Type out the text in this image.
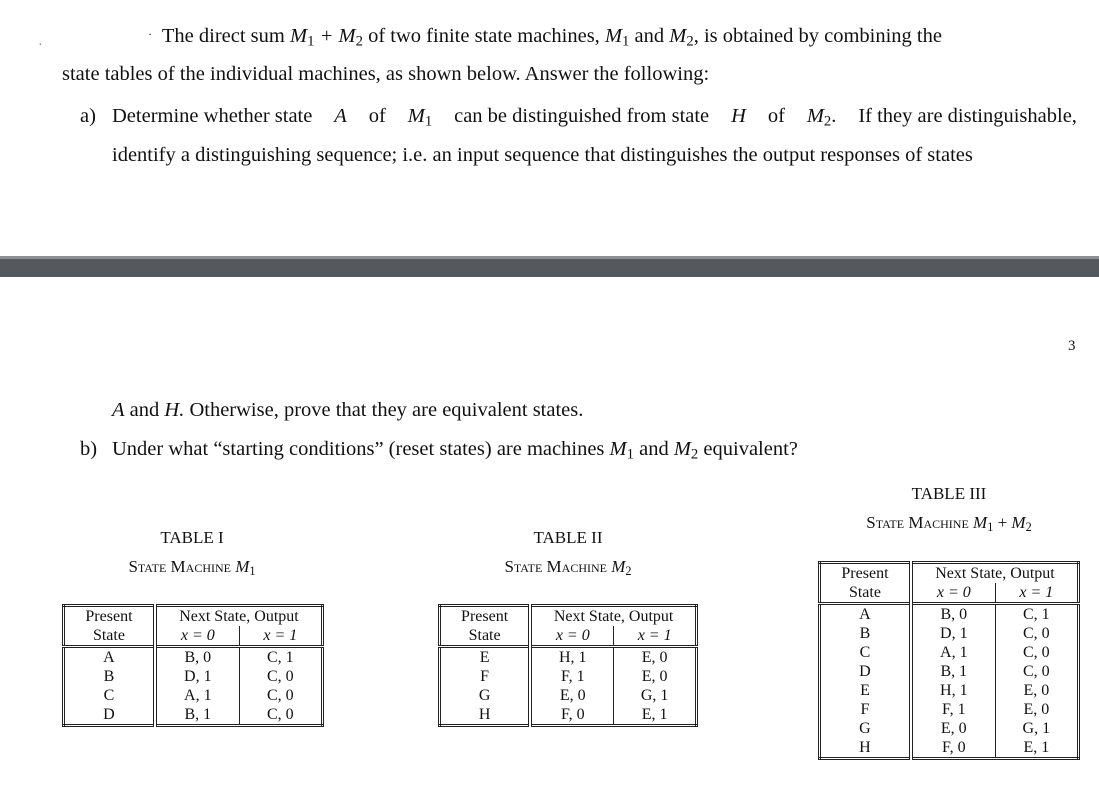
·
· The direct sum $M_1 + M_2$ of two finite state machines, $M_1$ and $M_2$, is obtained by combining the
state tables of the individual machines, as shown below. Answer the following:
a) Determine whether state A of $M_1$ can be distinguished from state H of $M_2$. If they are distinguishable,
identify a distinguishing sequence; i.e. an input sequence that distinguishes the output responses of states
3
A and H. Otherwise, prove that they are equivalent states.
b) Under what “starting conditions” (reset states) are machines $M_1$ and $M_2$ equivalent?
TABLE I
State Machine $M_1$
TABLE II
State Machine $M_2$
TABLE III
State Machine $M_1 + M_2$
Present	Next State, Output	
State	x = 0	x = 1
A	B, 0	C, 1
B	D, 1	C, 0
C	A, 1	C, 0
D	B, 1	C, 0
Present	Next State, Output	
State	x = 0	x = 1
E	H, 1	E, 0
F	F, 1	E, 0
G	E, 0	G, 1
H	F, 0	E, 1
Present	Next State, Output	
State	x = 0	x = 1
A	B, 0	C, 1
B	D, 1	C, 0
C	A, 1	C, 0
D	B, 1	C, 0
E	H, 1	E, 0
F	F, 1	E, 0
G	E, 0	G, 1
H	F, 0	E, 1
